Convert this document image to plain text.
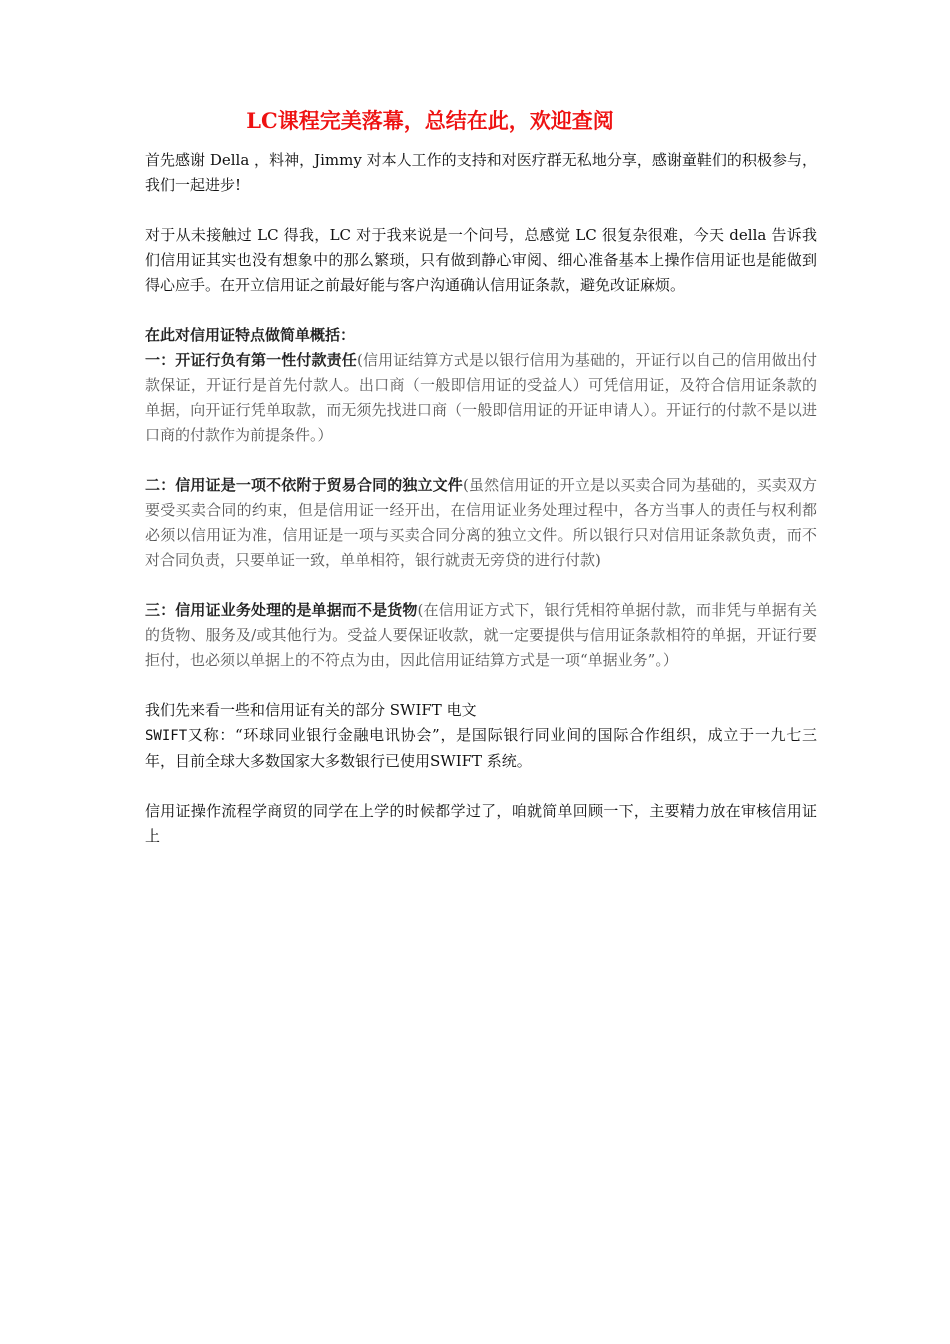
LC课程完美落幕，总结在此，欢迎查阅

首先感谢 Della ，料神，Jimmy 对本人工作的支持和对医疗群无私地分享，感谢童鞋们的积极参与，我们一起进步!

对于从未接触过 LC 得我，LC 对于我来说是一个问号，总感觉 LC 很复杂很难，今天 della 告诉我们信用证其实也没有想象中的那么繁琐，只有做到静心审阅、细心准备基本上操作信用证也是能做到得心应手。在开立信用证之前最好能与客户沟通确认信用证条款，避免改证麻烦。

在此对信用证特点做简单概括：

一：开证行负有第一性付款责任(信用证结算方式是以银行信用为基础的，开证行以自己的信用做出付款保证，开证行是首先付款人。出口商（一般即信用证的受益人）可凭信用证，及符合信用证条款的单据，向开证行凭单取款，而无须先找进口商（一般即信用证的开证申请人）。开证行的付款不是以进口商的付款作为前提条件。）

二：信用证是一项不依附于贸易合同的独立文件(虽然信用证的开立是以买卖合同为基础的，买卖双方要受买卖合同的约束，但是信用证一经开出，在信用证业务处理过程中，各方当事人的责任与权利都必须以信用证为准，信用证是一项与买卖合同分离的独立文件。所以银行只对信用证条款负责，而不对合同负责，只要单证一致，单单相符，银行就责无旁贷的进行付款)

三：信用证业务处理的是单据而不是货物(在信用证方式下，银行凭相符单据付款，而非凭与单据有关的货物、服务及/或其他行为。受益人要保证收款，就一定要提供与信用证条款相符的单据，开证行要拒付，也必须以单据上的不符点为由，因此信用证结算方式是一项“单据业务”。）

我们先来看一些和信用证有关的部分 SWIFT 电文

SWIFT又称：“环球同业银行金融电讯协会”，是国际银行同业间的国际合作组织，成立于一九七三年，目前全球大多数国家大多数银行已使用SWIFT 系统。

信用证操作流程学商贸的同学在上学的时候都学过了，咱就简单回顾一下，主要精力放在审核信用证上
